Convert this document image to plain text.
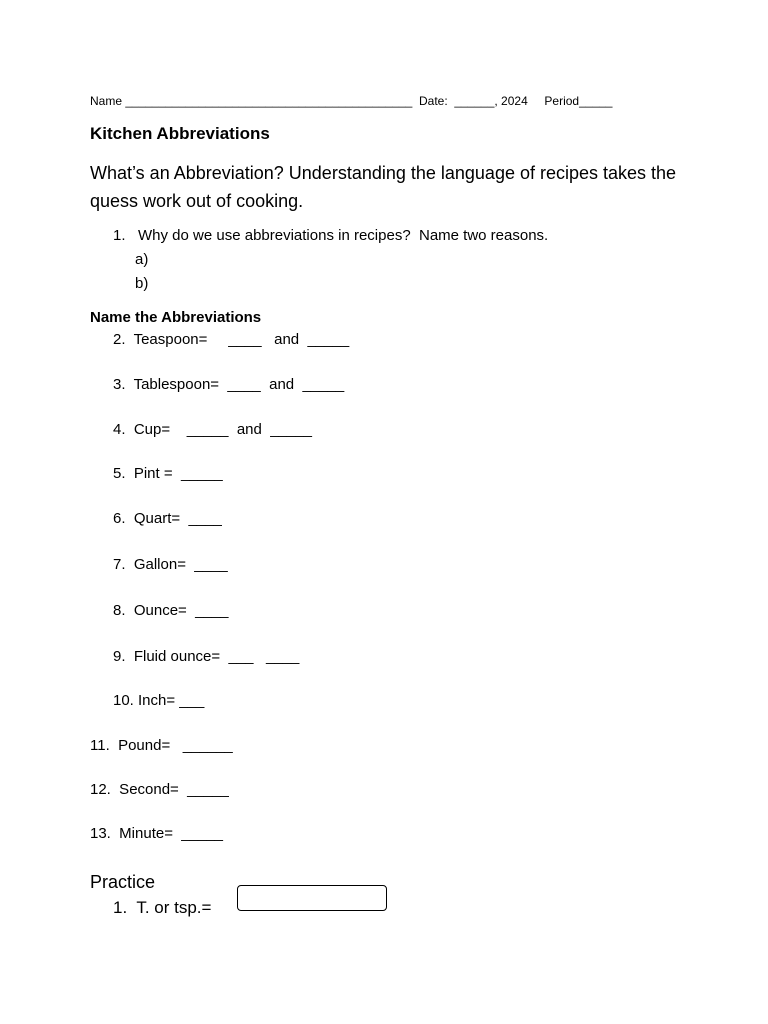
Name ___________________________________________  Date:  ______, 2024     Period_____
Kitchen Abbreviations
What’s an Abbreviation? Understanding the language of recipes takes the quess work out of cooking.
1.   Why do we use abbreviations in recipes?  Name two reasons.
a)
b)
Name the Abbreviations
2.  Teaspoon=     ____   and  _____
3.  Tablespoon=  ____  and  _____
4.  Cup=    _____  and  _____
5.  Pint =  _____
6.  Quart=  ____
7.  Gallon=  ____
8.  Ounce=  ____
9.  Fluid ounce=  ___   ____
10. Inch= ___
11.  Pound=   ______
12.  Second=  _____
13.  Minute=  _____
Practice
1.  T. or tsp.=
